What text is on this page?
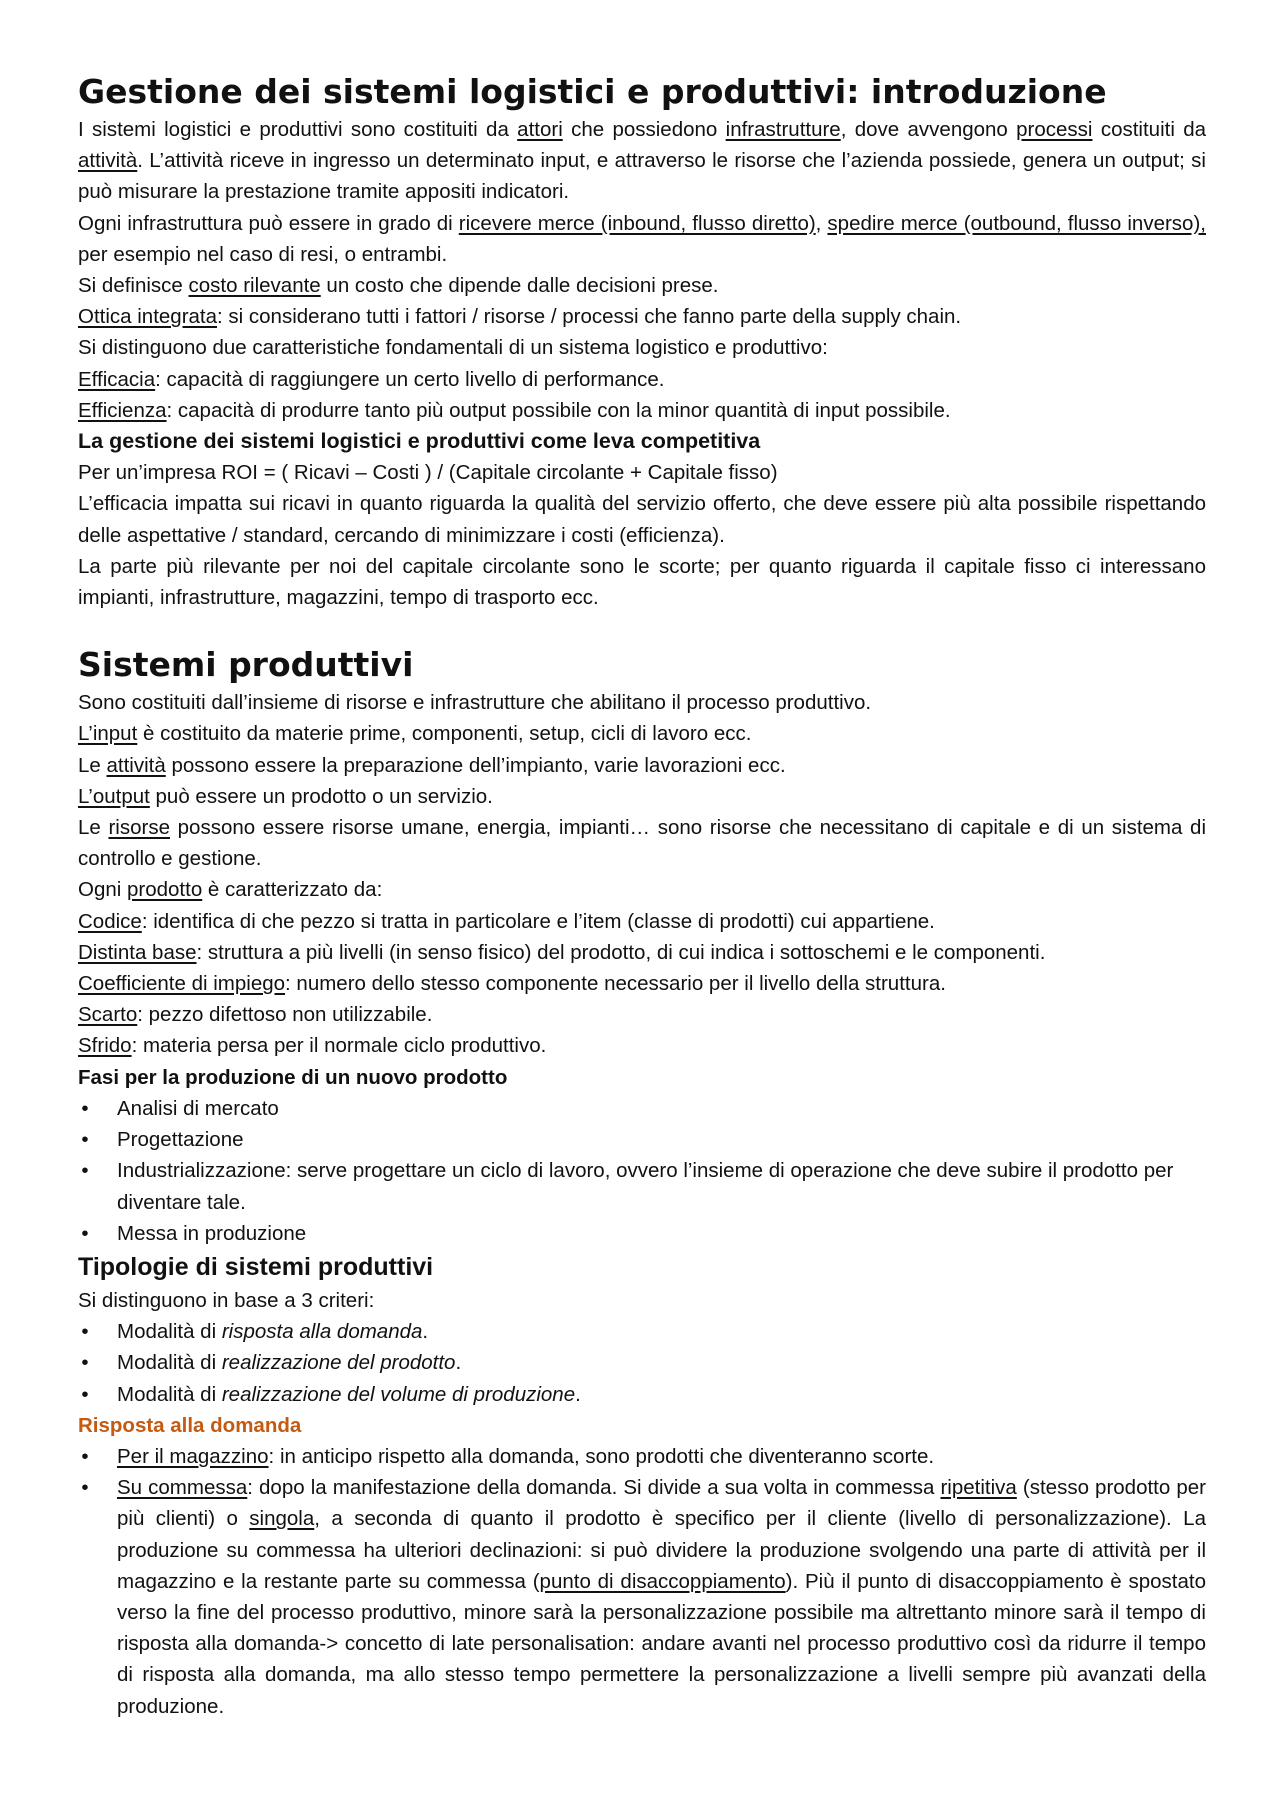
Gestione dei sistemi logistici e produttivi: introduzione

I sistemi logistici e produttivi sono costituiti da attori che possiedono infrastrutture, dove avvengono processi costituiti da attività. L’attività riceve in ingresso un determinato input, e attraverso le risorse che l’azienda possiede, genera un output; si può misurare la prestazione tramite appositi indicatori.

Ogni infrastruttura può essere in grado di ricevere merce (inbound, flusso diretto), spedire merce (outbound, flusso inverso), per esempio nel caso di resi, o entrambi.

Si definisce costo rilevante un costo che dipende dalle decisioni prese.

Ottica integrata: si considerano tutti i fattori / risorse / processi che fanno parte della supply chain.

Si distinguono due caratteristiche fondamentali di un sistema logistico e produttivo:

Efficacia: capacità di raggiungere un certo livello di performance.

Efficienza: capacità di produrre tanto più output possibile con la minor quantità di input possibile.

La gestione dei sistemi logistici e produttivi come leva competitiva

Per un’impresa ROI = ( Ricavi – Costi ) / (Capitale circolante + Capitale fisso)

L’efficacia impatta sui ricavi in quanto riguarda la qualità del servizio offerto, che deve essere più alta possibile rispettando delle aspettative / standard, cercando di minimizzare i costi (efficienza).

La parte più rilevante per noi del capitale circolante sono le scorte; per quanto riguarda il capitale fisso ci interessano impianti, infrastrutture, magazzini, tempo di trasporto ecc.

Sistemi produttivi

Sono costituiti dall’insieme di risorse e infrastrutture che abilitano il processo produttivo.

L’input è costituito da materie prime, componenti, setup, cicli di lavoro ecc.

Le attività possono essere la preparazione dell’impianto, varie lavorazioni ecc.

L’output può essere un prodotto o un servizio.

Le risorse possono essere risorse umane, energia, impianti… sono risorse che necessitano di capitale e di un sistema di controllo e gestione.

Ogni prodotto è caratterizzato da:

Codice: identifica di che pezzo si tratta in particolare e l’item (classe di prodotti) cui appartiene.

Distinta base: struttura a più livelli (in senso fisico) del prodotto, di cui indica i sottoschemi e le componenti.

Coefficiente di impiego: numero dello stesso componente necessario per il livello della struttura.

Scarto: pezzo difettoso non utilizzabile.

Sfrido: materia persa per il normale ciclo produttivo.

Fasi per la produzione di un nuovo prodotto

• Analisi di mercato
• Progettazione
• Industrializzazione: serve progettare un ciclo di lavoro, ovvero l’insieme di operazione che deve subire il prodotto per diventare tale.
• Messa in produzione
Tipologie di sistemi produttivi

Si distinguono in base a 3 criteri:

• Modalità di risposta alla domanda.
• Modalità di realizzazione del prodotto.
• Modalità di realizzazione del volume di produzione.

Risposta alla domanda

• Per il magazzino: in anticipo rispetto alla domanda, sono prodotti che diventeranno scorte.
• Su commessa: dopo la manifestazione della domanda. Si divide a sua volta in commessa ripetitiva (stesso prodotto per più clienti) o singola, a seconda di quanto il prodotto è specifico per il cliente (livello di personalizzazione). La produzione su commessa ha ulteriori declinazioni: si può dividere la produzione svolgendo una parte di attività per il magazzino e la restante parte su commessa (punto di disaccoppiamento). Più il punto di disaccoppiamento è spostato verso la fine del processo produttivo, minore sarà la personalizzazione possibile ma altrettanto minore sarà il tempo di risposta alla domanda-> concetto di late personalisation: andare avanti nel processo produttivo così da ridurre il tempo di risposta alla domanda, ma allo stesso tempo permettere la personalizzazione a livelli sempre più avanzati della produzione.
